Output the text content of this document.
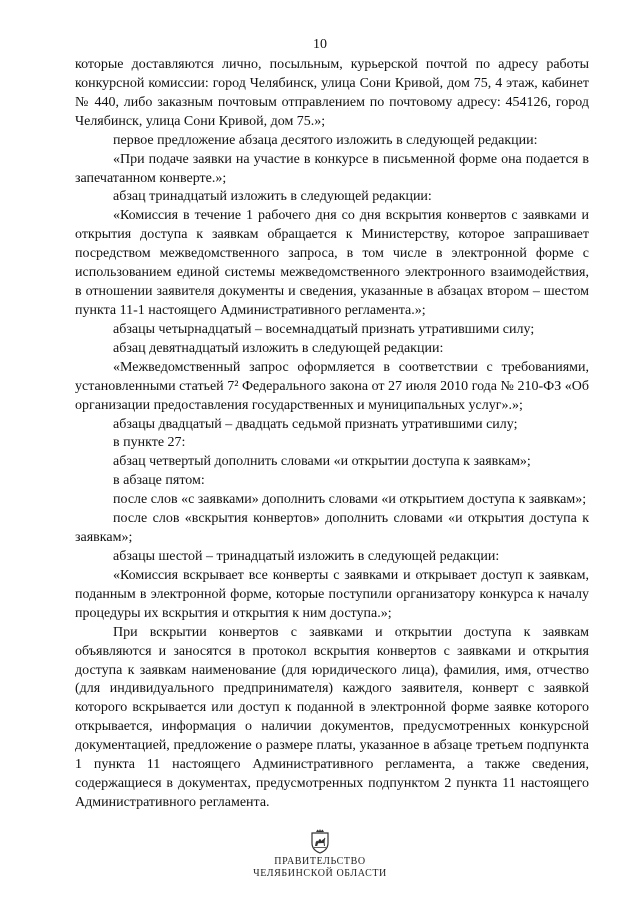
10

которые доставляются лично, посыльным, курьерской почтой по адресу работы конкурсной комиссии: город Челябинск, улица Сони Кривой, дом 75, 4 этаж, кабинет № 440, либо заказным почтовым отправлением по почтовому адресу: 454126, город Челябинск, улица Сони Кривой, дом 75.»;

первое предложение абзаца десятого изложить в следующей редакции:

«При подаче заявки на участие в конкурсе в письменной форме она подается в запечатанном конверте.»;

абзац тринадцатый изложить в следующей редакции:

«Комиссия в течение 1 рабочего дня со дня вскрытия конвертов с заявками и открытия доступа к заявкам обращается к Министерству, которое запрашивает посредством межведомственного запроса, в том числе в электронной форме с использованием единой системы межведомственного электронного взаимодействия, в отношении заявителя документы и сведения, указанные в абзацах втором – шестом пункта 11-1 настоящего Административного регламента.»;

абзацы четырнадцатый – восемнадцатый признать утратившими силу;

абзац девятнадцатый изложить в следующей редакции:

«Межведомственный запрос оформляется в соответствии с требованиями, установленными статьей 7² Федерального закона от 27 июля 2010 года № 210-ФЗ «Об организации предоставления государственных и муниципальных услуг».»;

абзацы двадцатый – двадцать седьмой признать утратившими силу;

в пункте 27:

абзац четвертый дополнить словами «и открытии доступа к заявкам»;

в абзаце пятом:

после слов «с заявками» дополнить словами «и открытием доступа к заявкам»;

после слов «вскрытия конвертов» дополнить словами «и открытия доступа к заявкам»;

абзацы шестой – тринадцатый изложить в следующей редакции:

«Комиссия вскрывает все конверты с заявками и открывает доступ к заявкам, поданным в электронной форме, которые поступили организатору конкурса к началу процедуры их вскрытия и открытия к ним доступа.»;

При вскрытии конвертов с заявками и открытии доступа к заявкам объявляются и заносятся в протокол вскрытия конвертов с заявками и открытия доступа к заявкам наименование (для юридического лица), фамилия, имя, отчество (для индивидуального предпринимателя) каждого заявителя, конверт с заявкой которого вскрывается или доступ к поданной в электронной форме заявке которого открывается, информация о наличии документов, предусмотренных конкурсной документацией, предложение о размере платы, указанное в абзаце третьем подпункта 1 пункта 11 настоящего Административного регламента, а также сведения, содержащиеся в документах, предусмотренных подпунктом 2 пункта 11 настоящего Административного регламента.

ПРАВИТЕЛЬСТВО
ЧЕЛЯБИНСКОЙ ОБЛАСТИ
